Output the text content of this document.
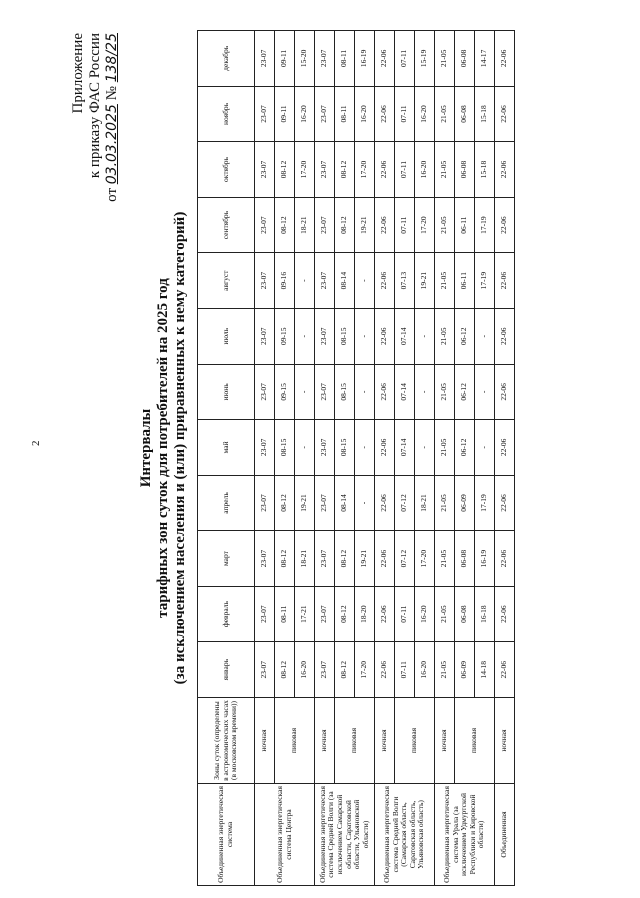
2
Приложение к приказу ФАС России
от 03.03.2025 № 138/25
Интервалы тарифных зон суток для потребителей на 2025 год (за исключением населения и (или) приравненных к нему категорий)
Объединенная энергетическая система	Зоны суток (определены в астрономических часах (в московском времени))	январь	февраль	март	апрель	май	июнь	июль	август	сентябрь	октябрь	ноябрь	декабрь
Объединенная энергетическая система Центра	ночная	23-07	23-07	23-07	23-07	23-07	23-07	23-07	23-07	23-07	23-07	23-07	23-07
	пиковая	08-12	08-11	08-12	08-12	08-15	09-15	09-15	09-16	08-12	08-12	09-11	09-11
		16-20	17-21	18-21	19-21	-	-	-	-	18-21	17-20	16-20	15-20
Объединенная энергетическая система Средней Волги (за исключением Самарской области, Саратовской области, Ульяновской области)	ночная	23-07	23-07	23-07	23-07	23-07	23-07	23-07	23-07	23-07	23-07	23-07	23-07
	пиковая	08-12	08-12	08-12	08-14	08-15	08-15	08-15	08-14	08-12	08-12	08-11	08-11
		17-20	18-20	19-21	-	-	-	-	-	19-21	17-20	16-20	16-19
Объединенная энергетическая система Средней Волги (Самарская область, Саратовская область, Ульяновская область)	ночная	22-06	22-06	22-06	22-06	22-06	22-06	22-06	22-06	22-06	22-06	22-06	22-06
	пиковая	07-11	07-11	07-12	07-12	07-14	07-14	07-14	07-13	07-11	07-11	07-11	07-11
		16-20	16-20	17-20	18-21	-	-	-	19-21	17-20	16-20	16-20	15-19
Объединенная энергетическая система Урала (за исключением Удмуртской Республики и Кировской области)	ночная	21-05	21-05	21-05	21-05	21-05	21-05	21-05	21-05	21-05	21-05	21-05	21-05
	пиковая	06-09	06-08	06-08	06-09	06-12	06-12	06-12	06-11	06-11	06-08	06-08	06-08
		14-18	16-18	16-19	17-19	-	-	-	17-19	17-19	15-18	15-18	14-17
Объединенная	ночная	22-06	22-06	22-06	22-06	22-06	22-06	22-06	22-06	22-06	22-06	22-06	22-06
